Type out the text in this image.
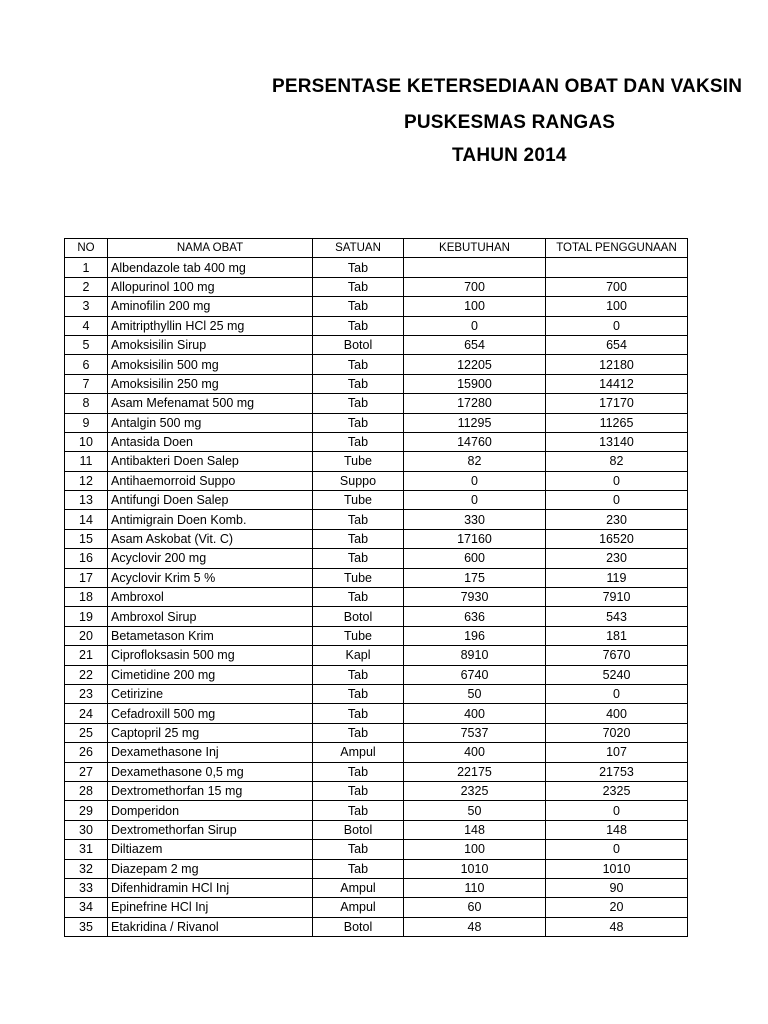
PERSENTASE KETERSEDIAAN OBAT DAN VAKSIN
PUSKESMAS RANGAS
TAHUN 2014
NO	NAMA OBAT	SATUAN	KEBUTUHAN	TOTAL PENGGUNAAN
1	Albendazole tab 400 mg	Tab		
2	Allopurinol 100 mg	Tab	700	700
3	Aminofilin 200 mg	Tab	100	100
4	Amitripthyllin HCl 25 mg	Tab	0	0
5	Amoksisilin Sirup	Botol	654	654
6	Amoksisilin 500 mg	Tab	12205	12180
7	Amoksisilin 250 mg	Tab	15900	14412
8	Asam Mefenamat 500 mg	Tab	17280	17170
9	Antalgin 500 mg	Tab	11295	11265
10	Antasida Doen	Tab	14760	13140
11	Antibakteri Doen Salep	Tube	82	82
12	Antihaemorroid Suppo	Suppo	0	0
13	Antifungi Doen Salep	Tube	0	0
14	Antimigrain Doen Komb.	Tab	330	230
15	Asam Askobat (Vit. C)	Tab	17160	16520
16	Acyclovir 200 mg	Tab	600	230
17	Acyclovir Krim 5 %	Tube	175	119
18	Ambroxol	Tab	7930	7910
19	Ambroxol Sirup	Botol	636	543
20	Betametason Krim	Tube	196	181
21	Ciprofloksasin 500 mg	Kapl	8910	7670
22	Cimetidine 200 mg	Tab	6740	5240
23	Cetirizine	Tab	50	0
24	Cefadroxill 500 mg	Tab	400	400
25	Captopril 25 mg	Tab	7537	7020
26	Dexamethasone Inj	Ampul	400	107
27	Dexamethasone 0,5 mg	Tab	22175	21753
28	Dextromethorfan 15 mg	Tab	2325	2325
29	Domperidon	Tab	50	0
30	Dextromethorfan Sirup	Botol	148	148
31	Diltiazem	Tab	100	0
32	Diazepam 2 mg	Tab	1010	1010
33	Difenhidramin HCl Inj	Ampul	110	90
34	Epinefrine HCl Inj	Ampul	60	20
35	Etakridina / Rivanol	Botol	48	48
